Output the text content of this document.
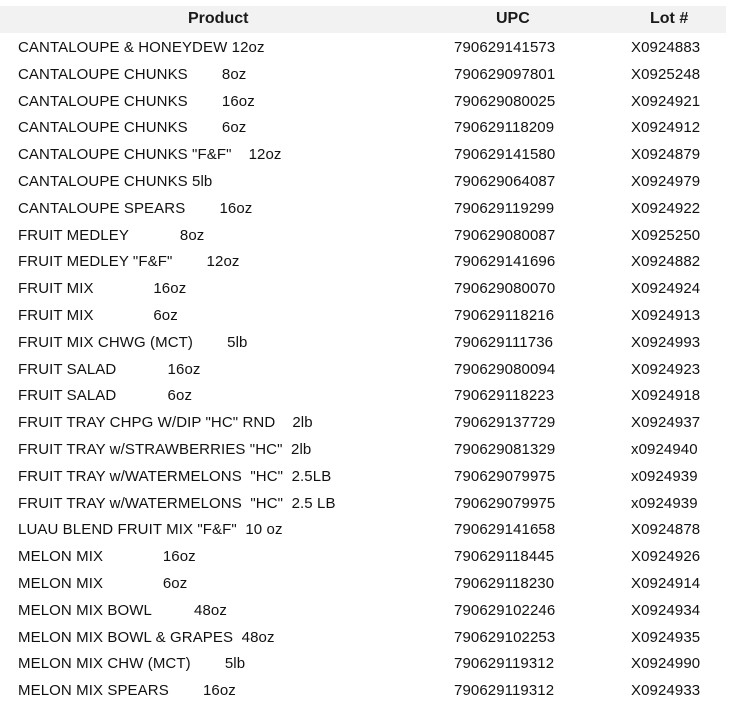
Product	UPC	Lot #
CANTALOUPE & HONEYDEW 12oz	790629141573	X0924883
CANTALOUPE CHUNKS        8oz	790629097801	X0925248
CANTALOUPE CHUNKS        16oz	790629080025	X0924921
CANTALOUPE CHUNKS        6oz	790629118209	X0924912
CANTALOUPE CHUNKS "F&F"    12oz	790629141580	X0924879
CANTALOUPE CHUNKS 5lb	790629064087	X0924979
CANTALOUPE SPEARS        16oz	790629119299	X0924922
FRUIT MEDLEY            8oz	790629080087	X0925250
FRUIT MEDLEY "F&F"        12oz	790629141696	X0924882
FRUIT MIX              16oz	790629080070	X0924924
FRUIT MIX              6oz	790629118216	X0924913
FRUIT MIX CHWG (MCT)        5lb	790629111736	X0924993
FRUIT SALAD            16oz	790629080094	X0924923
FRUIT SALAD            6oz	790629118223	X0924918
FRUIT TRAY CHPG W/DIP "HC" RND    2lb	790629137729	X0924937
FRUIT TRAY w/STRAWBERRIES "HC"  2lb	790629081329	x0924940
FRUIT TRAY w/WATERMELONS  "HC"  2.5LB	790629079975	x0924939
FRUIT TRAY w/WATERMELONS  "HC"  2.5 LB	790629079975	x0924939
LUAU BLEND FRUIT MIX "F&F"  10 oz	790629141658	X0924878
MELON MIX              16oz	790629118445	X0924926
MELON MIX              6oz	790629118230	X0924914
MELON MIX BOWL          48oz	790629102246	X0924934
MELON MIX BOWL & GRAPES  48oz	790629102253	X0924935
MELON MIX CHW (MCT)        5lb	790629119312	X0924990
MELON MIX SPEARS        16oz	790629119312	X0924933
